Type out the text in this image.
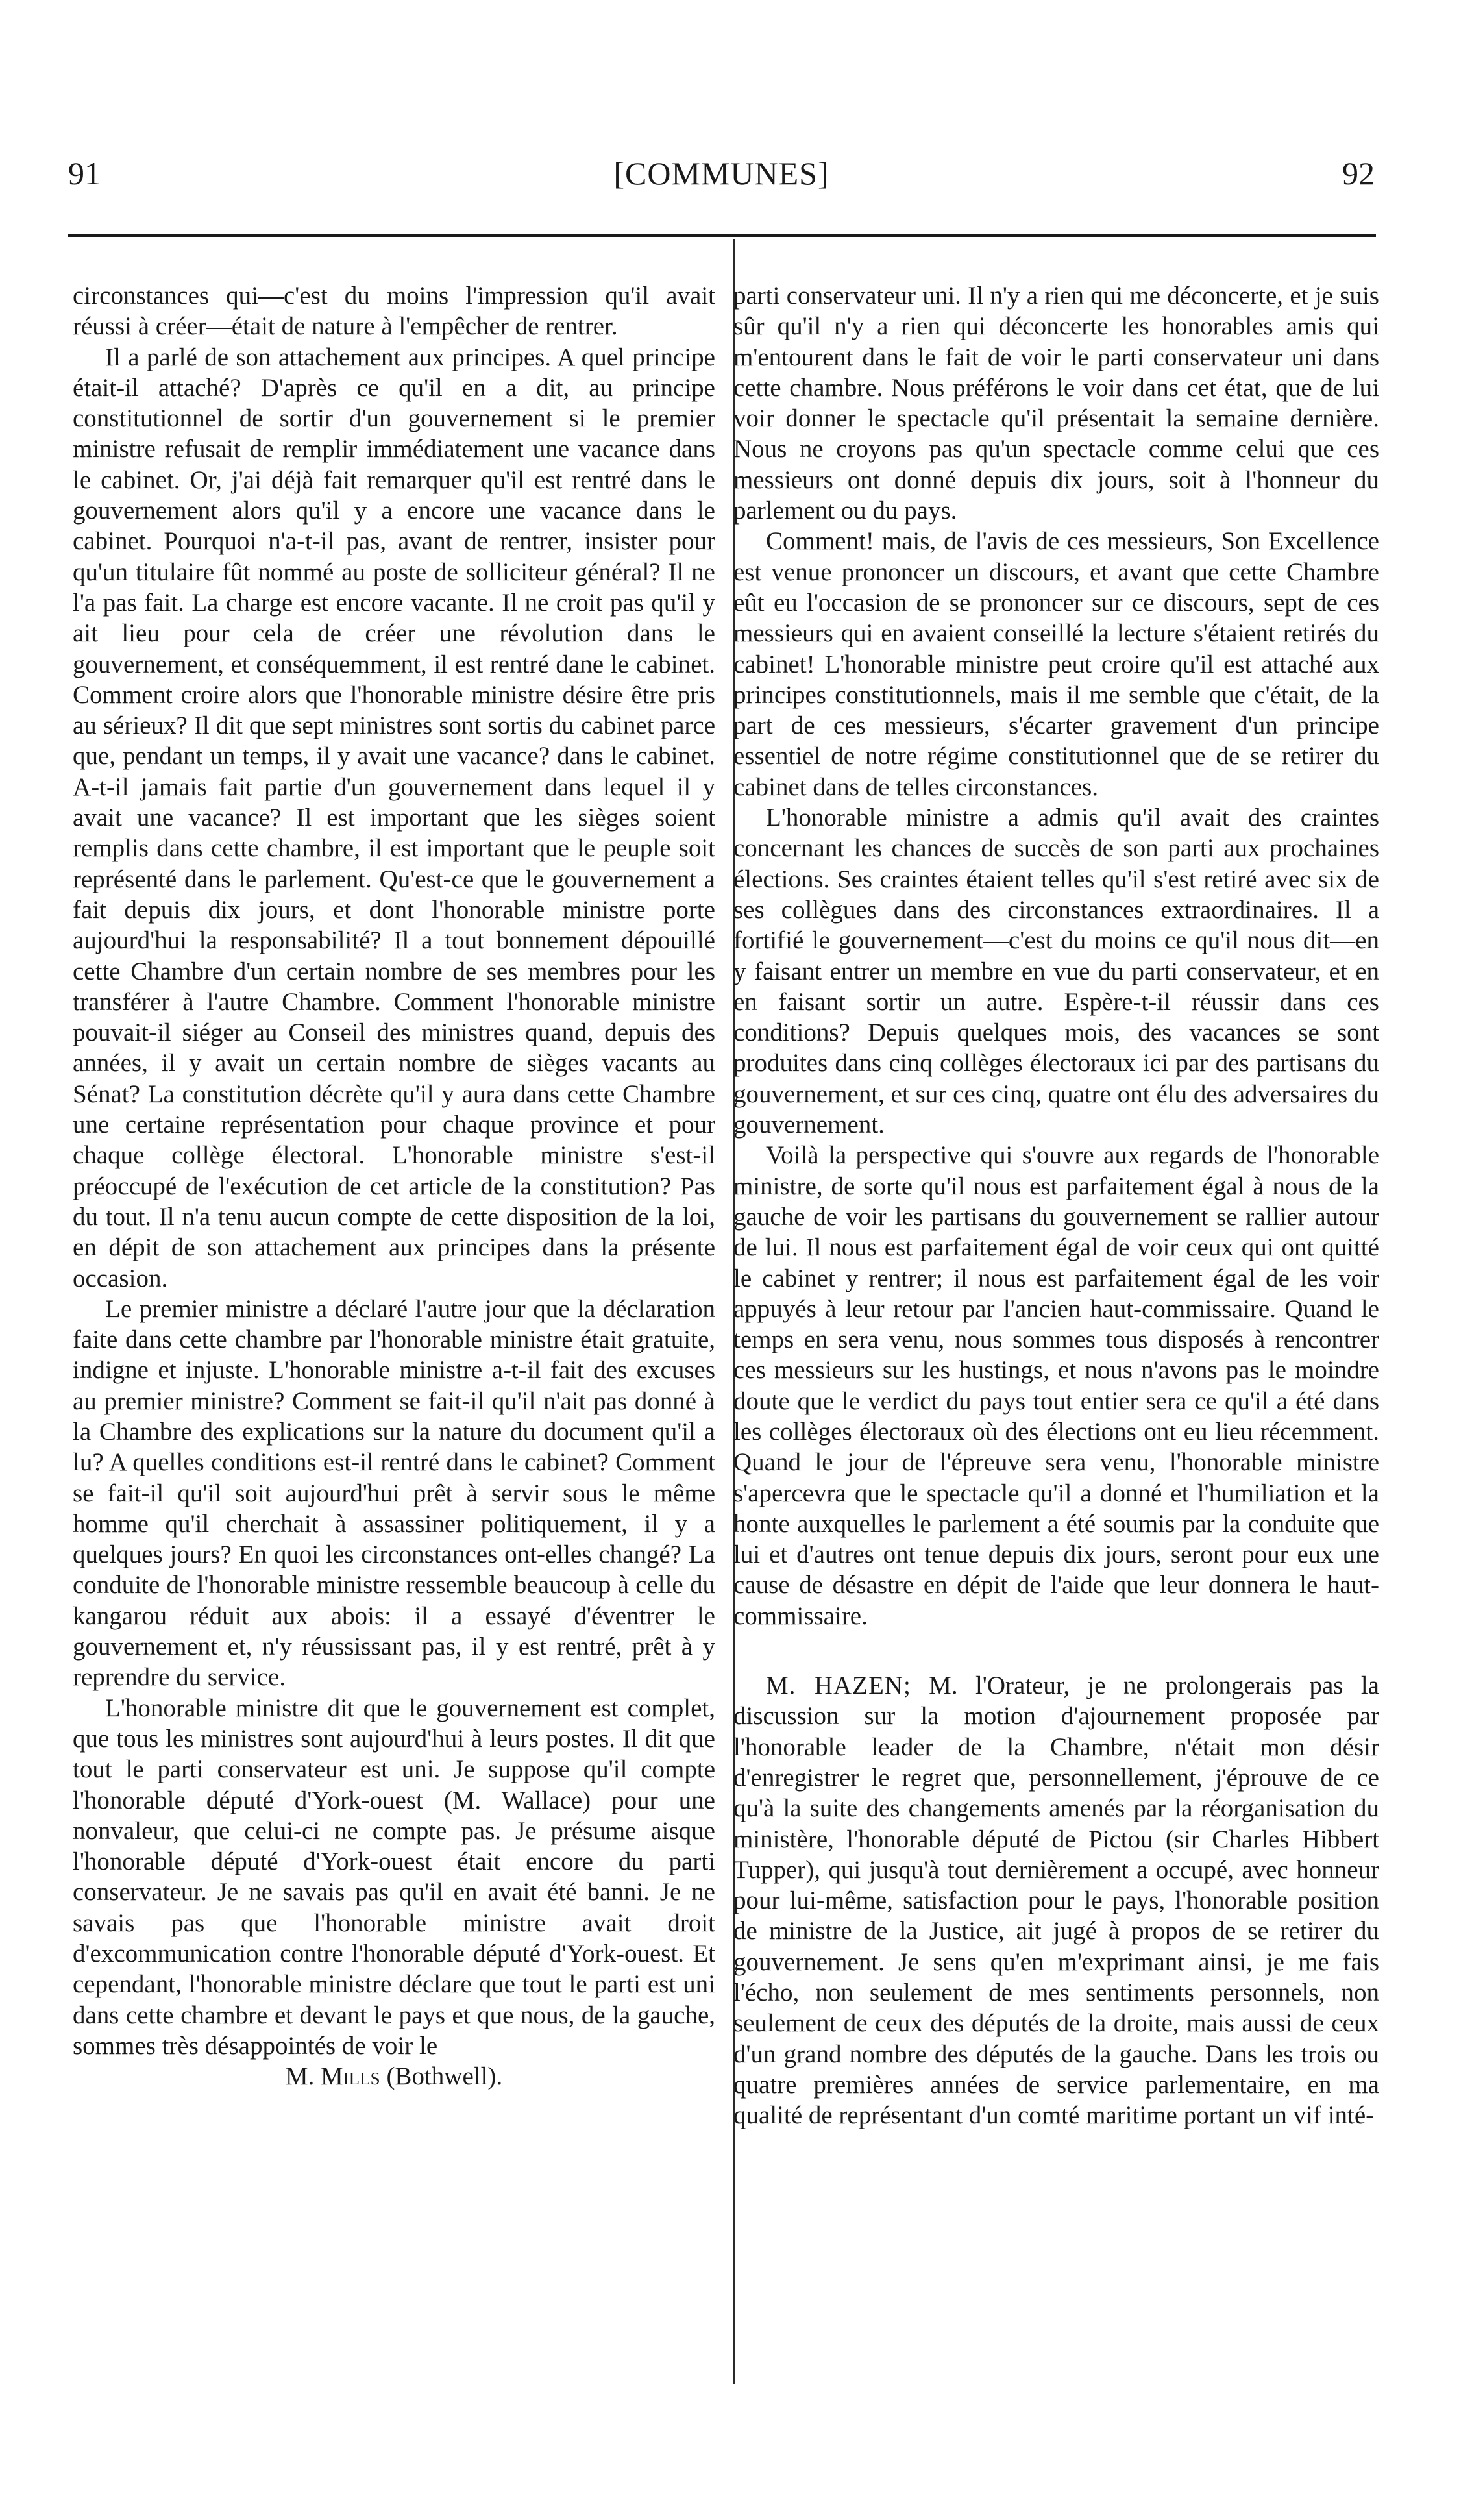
91	[COMMUNES]	92

circonstances qui—c'est du moins l'impression qu'il avait réussi à créer—était de nature à l'empêcher de rentrer.

Il a parlé de son attachement aux principes. A quel principe était-il attaché? D'après ce qu'il en a dit, au principe constitutionnel de sortir d'un gouvernement si le premier ministre refusait de remplir immédiatement une vacance dans le cabinet. Or, j'ai déjà fait remarquer qu'il est rentré dans le gouvernement alors qu'il y a encore une vacance dans le cabinet. Pourquoi n'a-t-il pas, avant de rentrer, insister pour qu'un titulaire fût nommé au poste de solliciteur général? Il ne l'a pas fait. La charge est encore vacante. Il ne croit pas qu'il y ait lieu pour cela de créer une révolution dans le gouvernement, et conséquemment, il est rentré dane le cabinet. Comment croire alors que l'honorable ministre désire être pris au sérieux? Il dit que sept ministres sont sortis du cabinet parce que, pendant un temps, il y avait une vacance? dans le cabinet. A-t-il jamais fait partie d'un gouvernement dans lequel il y avait une vacance? Il est important que les sièges soient remplis dans cette chambre, il est important que le peuple soit représenté dans le parlement. Qu'est-ce que le gouvernement a fait depuis dix jours, et dont l'honorable ministre porte aujourd'hui la responsabilité? Il a tout bonnement dépouillé cette Chambre d'un certain nombre de ses membres pour les transférer à l'autre Chambre. Comment l'honorable ministre pouvait-il siéger au Conseil des ministres quand, depuis des années, il y avait un certain nombre de sièges vacants au Sénat? La constitution décrète qu'il y aura dans cette Chambre une certaine représentation pour chaque province et pour chaque collège électoral. L'honorable ministre s'est-il préoccupé de l'exécution de cet article de la constitution? Pas du tout. Il n'a tenu aucun compte de cette disposition de la loi, en dépit de son attachement aux principes dans la présente occasion.

Le premier ministre a déclaré l'autre jour que la déclaration faite dans cette chambre par l'honorable ministre était gratuite, indigne et injuste. L'honorable ministre a-t-il fait des excuses au premier ministre? Comment se fait-il qu'il n'ait pas donné à la Chambre des explications sur la nature du document qu'il a lu? A quelles conditions est-il rentré dans le cabinet? Comment se fait-il qu'il soit aujourd'hui prêt à servir sous le même homme qu'il cherchait à assassiner politiquement, il y a quelques jours? En quoi les circonstances ont-elles changé? La conduite de l'honorable ministre ressemble beaucoup à celle du kangarou réduit aux abois: il a essayé d'éventrer le gouvernement et, n'y réussissant pas, il y est rentré, prêt à y reprendre du service.

L'honorable ministre dit que le gouvernement est complet, que tous les ministres sont aujourd'hui à leurs postes. Il dit que tout le parti conservateur est uni. Je suppose qu'il compte l'honorable député d'York-ouest (M. Wallace) pour une nonvaleur, que celui-ci ne compte pas. Je présume aisque l'honorable député d'York-ouest était encore du parti conservateur. Je ne savais pas qu'il en avait été banni. Je ne savais pas que l'honorable ministre avait droit d'excommunication contre l'honorable député d'York-ouest. Et cependant, l'honorable ministre déclare que tout le parti est uni dans cette chambre et devant le pays et que nous, de la gauche, sommes très désappointés de voir le

M. Mills (Bothwell).

parti conservateur uni. Il n'y a rien qui me déconcerte, et je suis sûr qu'il n'y a rien qui déconcerte les honorables amis qui m'entourent dans le fait de voir le parti conservateur uni dans cette chambre. Nous préférons le voir dans cet état, que de lui voir donner le spectacle qu'il présentait la semaine dernière. Nous ne croyons pas qu'un spectacle comme celui que ces messieurs ont donné depuis dix jours, soit à l'honneur du parlement ou du pays.

Comment! mais, de l'avis de ces messieurs, Son Excellence est venue prononcer un discours, et avant que cette Chambre eût eu l'occasion de se prononcer sur ce discours, sept de ces messieurs qui en avaient conseillé la lecture s'étaient retirés du cabinet! L'honorable ministre peut croire qu'il est attaché aux principes constitutionnels, mais il me semble que c'était, de la part de ces messieurs, s'écarter gravement d'un principe essentiel de notre régime constitutionnel que de se retirer du cabinet dans de telles circonstances.

L'honorable ministre a admis qu'il avait des craintes concernant les chances de succès de son parti aux prochaines élections. Ses craintes étaient telles qu'il s'est retiré avec six de ses collègues dans des circonstances extraordinaires. Il a fortifié le gouvernement—c'est du moins ce qu'il nous dit—en y faisant entrer un membre en vue du parti conservateur, et en en faisant sortir un autre. Espère-t-il réussir dans ces conditions? Depuis quelques mois, des vacances se sont produites dans cinq collèges électoraux ici par des partisans du gouvernement, et sur ces cinq, quatre ont élu des adversaires du gouvernement.

Voilà la perspective qui s'ouvre aux regards de l'honorable ministre, de sorte qu'il nous est parfaitement égal à nous de la gauche de voir les partisans du gouvernement se rallier autour de lui. Il nous est parfaitement égal de voir ceux qui ont quitté le cabinet y rentrer; il nous est parfaitement égal de les voir appuyés à leur retour par l'ancien haut-commissaire. Quand le temps en sera venu, nous sommes tous disposés à rencontrer ces messieurs sur les hustings, et nous n'avons pas le moindre doute que le verdict du pays tout entier sera ce qu'il a été dans les collèges électoraux où des élections ont eu lieu récemment. Quand le jour de l'épreuve sera venu, l'honorable ministre s'apercevra que le spectacle qu'il a donné et l'humiliation et la honte auxquelles le parlement a été soumis par la conduite que lui et d'autres ont tenue depuis dix jours, seront pour eux une cause de désastre en dépit de l'aide que leur donnera le haut-commissaire.

M. HAZEN; M. l'Orateur, je ne prolongerais pas la discussion sur la motion d'ajournement proposée par l'honorable leader de la Chambre, n'était mon désir d'enregistrer le regret que, personnellement, j'éprouve de ce qu'à la suite des changements amenés par la réorganisation du ministère, l'honorable député de Pictou (sir Charles Hibbert Tupper), qui jusqu'à tout dernièrement a occupé, avec honneur pour lui-même, satisfaction pour le pays, l'honorable position de ministre de la Justice, ait jugé à propos de se retirer du gouvernement. Je sens qu'en m'exprimant ainsi, je me fais l'écho, non seulement de mes sentiments personnels, non seulement de ceux des députés de la droite, mais aussi de ceux d'un grand nombre des députés de la gauche. Dans les trois ou quatre premières années de service parlementaire, en ma qualité de représentant d'un comté maritime portant un vif inté-
